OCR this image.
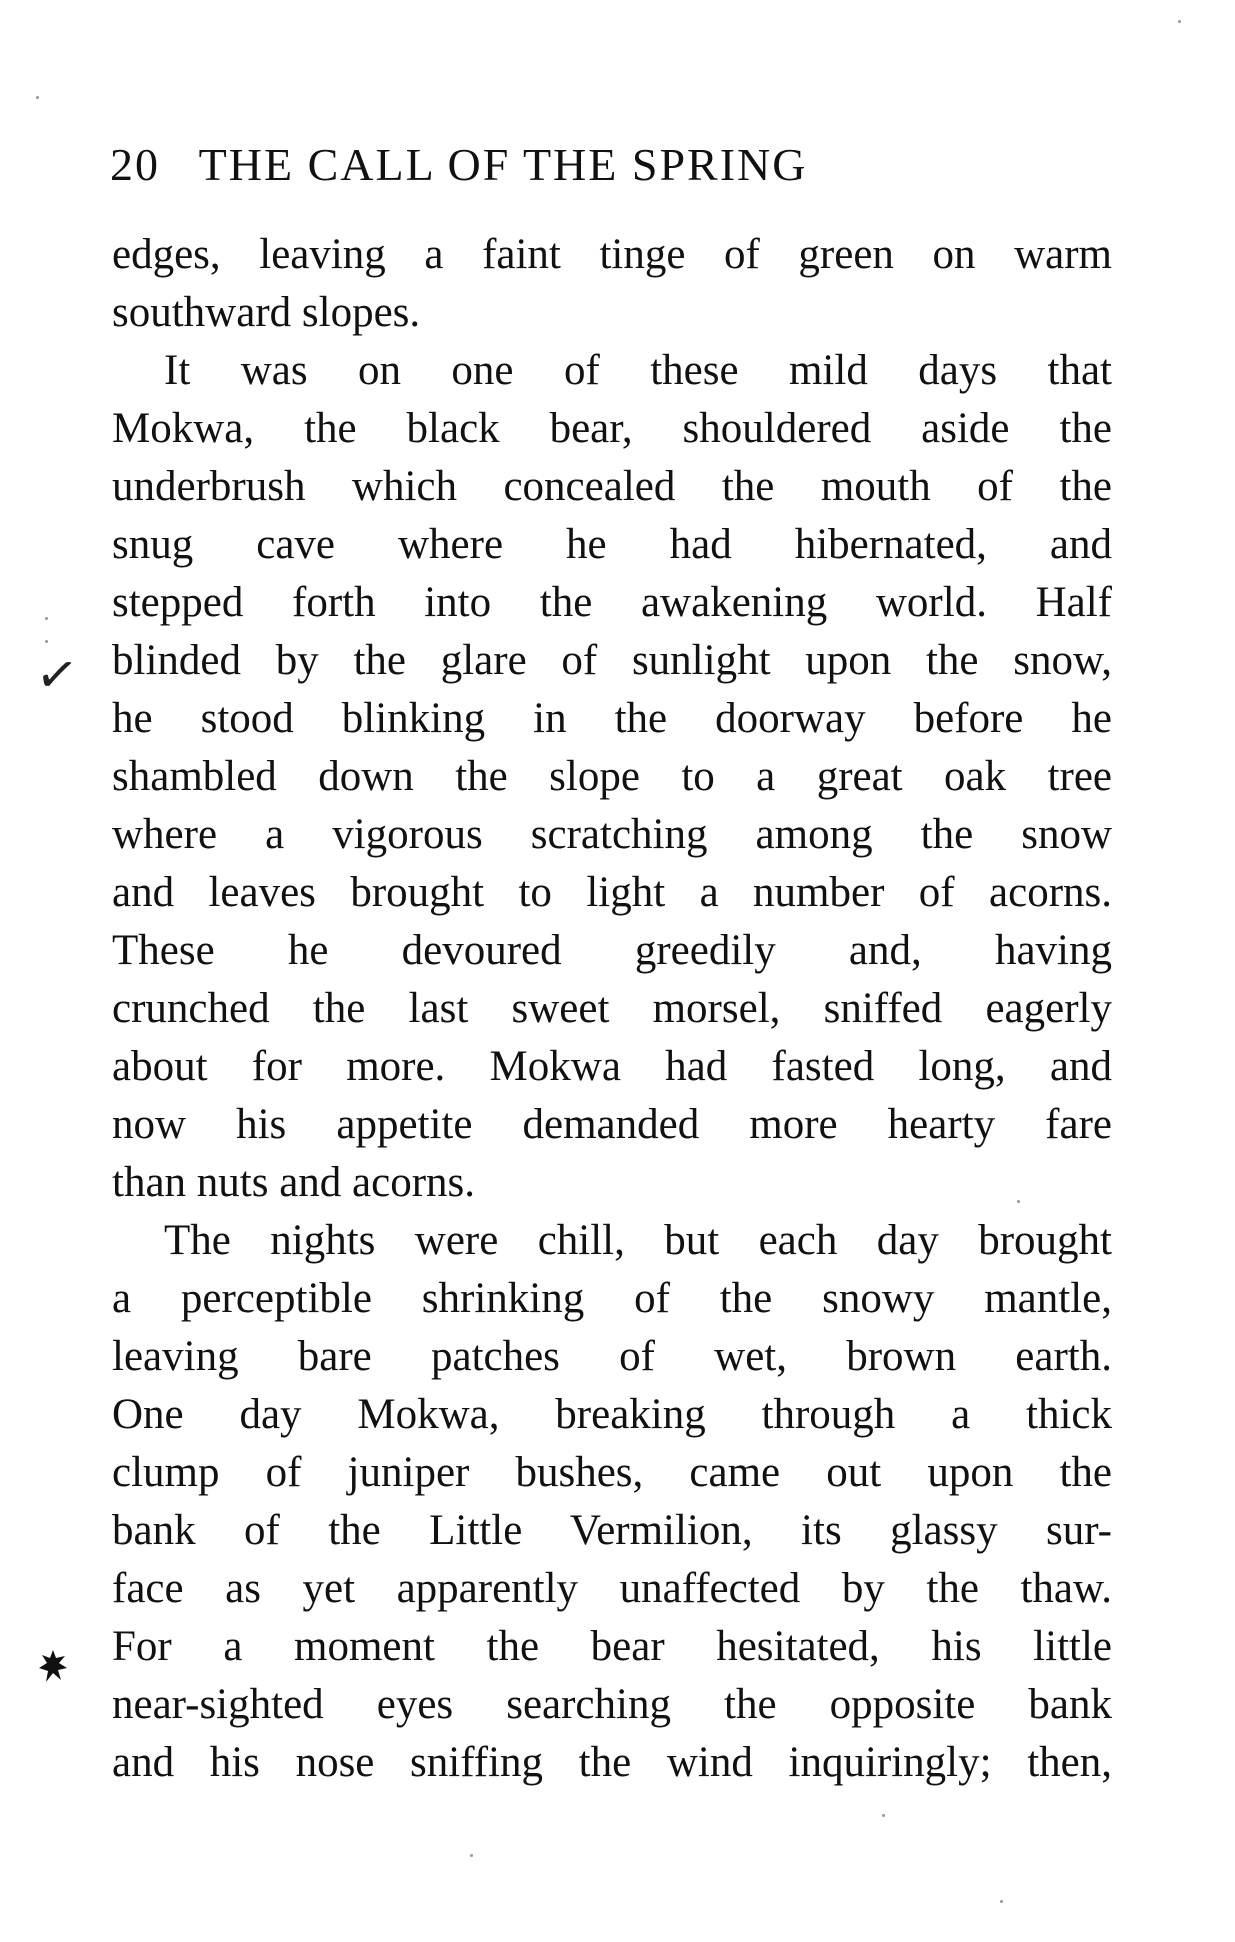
20 THE CALL OF THE SPRING
edges, leaving a faint tinge of green on warm
southward slopes.
It was on one of these mild days that
Mokwa, the black bear, shouldered aside the
underbrush which concealed the mouth of the
snug cave where he had hibernated, and
stepped forth into the awakening world. Half
blinded by the glare of sunlight upon the snow,
he stood blinking in the doorway before he
shambled down the slope to a great oak tree
where a vigorous scratching among the snow
and leaves brought to light a number of acorns.
These he devoured greedily and, having
crunched the last sweet morsel, sniffed eagerly
about for more. Mokwa had fasted long, and
now his appetite demanded more hearty fare
than nuts and acorns.
The nights were chill, but each day brought
a perceptible shrinking of the snowy mantle,
leaving bare patches of wet, brown earth.
One day Mokwa, breaking through a thick
clump of juniper bushes, came out upon the
bank of the Little Vermilion, its glassy sur-
face as yet apparently unaffected by the thaw.
For a moment the bear hesitated, his little
near-sighted eyes searching the opposite bank
and his nose sniffing the wind inquiringly; then,
✓
